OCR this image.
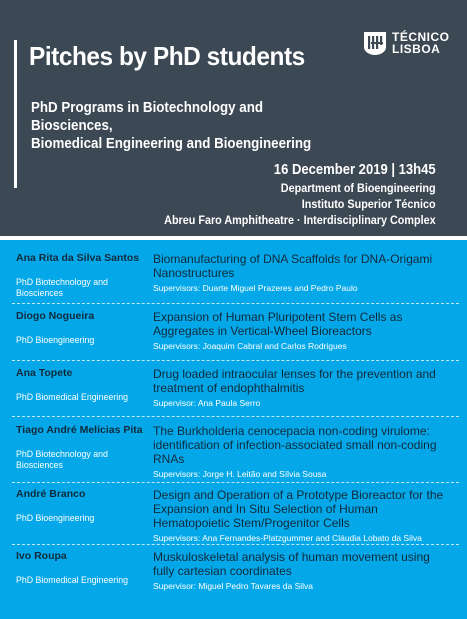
Pitches by PhD students
PhD Programs in Biotechnology and Biosciences,
Biomedical Engineering and Bioengineering
16 December 2019 | 13h45
Department of Bioengineering
Instituto Superior Técnico
Abreu Faro Amphitheatre · Interdisciplinary Complex
TÉCNICO
LISBOA
Ana Rita da Silva Santos
PhD Biotechnology and Biosciences
Biomanufacturing of DNA Scaffolds for DNA-Origami Nanostructures
Supervisors: Duarte Miguel Prazeres and Pedro Paulo
Diogo Nogueira
PhD Bioengineering
Expansion of Human Pluripotent Stem Cells as Aggregates in Vertical-Wheel Bioreactors
Supervisors: Joaquim Cabral and Carlos Rodrigues
Ana Topete
PhD Biomedical Engineering
Drug loaded intraocular lenses for the prevention and treatment of endophthalmitis
Supervisor: Ana Paula Serro
Tiago André Melícias Pita
PhD Biotechnology and Biosciences
The Burkholderia cenocepacia non-coding virulome: identification of infection-associated small non-coding RNAs
Supervisors: Jorge H. Leitão and Sílvia Sousa
André Branco
PhD Bioengineering
Design and Operation of a Prototype Bioreactor for the Expansion and In Situ Selection of Human Hematopoietic Stem/Progenitor Cells
Supervisors: Ana Fernandes-Platzgummer and Cláudia Lobato da Silva
Ivo Roupa
PhD Biomedical Engineering
Muskuloskeletal analysis of human movement using fully cartesian coordinates
Supervisor: Miguel Pedro Tavares da Silva
